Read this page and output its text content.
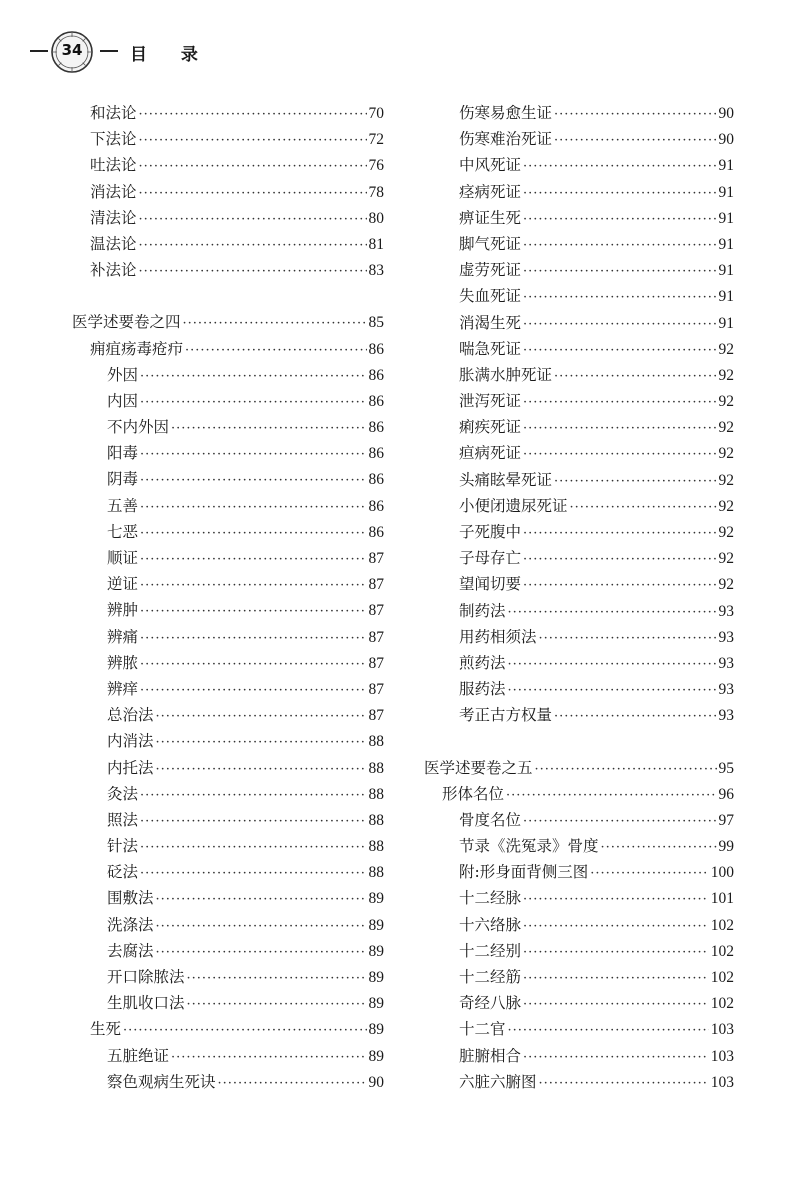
34	目 录
和法论 ·····	70
下法论 ·····	72
吐法论 ·····	76
消法论 ·····	78
清法论 ·····	80
温法论 ·····	81
补法论 ·····	83
医学述要卷之四 ·····	85
痈疽疡毒疮疖 ·····	86
外因 ·····	86
内因 ·····	86
不内外因 ·····	86
阳毒 ·····	86
阴毒 ·····	86
五善 ·····	86
七恶 ·····	86
顺证 ·····	87
逆证 ·····	87
辨肿 ·····	87
辨痛 ·····	87
辨脓 ·····	87
辨痒 ·····	87
总治法 ·····	87
内消法 ·····	88
内托法 ·····	88
灸法 ·····	88
照法 ·····	88
针法 ·····	88
砭法 ·····	88
围敷法 ·····	89
洗涤法 ·····	89
去腐法 ·····	89
开口除脓法 ·····	89
生肌收口法 ·····	89
生死 ·····	89
五脏绝证 ·····	89
察色观病生死诀 ·····	90
伤寒易愈生证 ·····	90
伤寒难治死证 ·····	90
中风死证 ·····	91
痉病死证 ·····	91
痹证生死 ·····	91
脚气死证 ·····	91
虚劳死证 ·····	91
失血死证 ·····	91
消渴生死 ·····	91
喘急死证 ·····	92
胀满水肿死证 ·····	92
泄泻死证 ·····	92
痢疾死证 ·····	92
疸病死证 ·····	92
头痛眩晕死证 ·····	92
小便闭遗尿死证 ·····	92
子死腹中 ·····	92
子母存亡 ·····	92
望闻切要 ·····	92
制药法 ·····	93
用药相须法 ·····	93
煎药法 ·····	93
服药法 ·····	93
考正古方权量 ·····	93
医学述要卷之五 ·····	95
形体名位 ·····	96
骨度名位 ·····	97
节录《洗冤录》骨度 ·····	99
附:形身面背侧三图 ·····	100
十二经脉 ·····	101
十六络脉 ·····	102
十二经别 ·····	102
十二经筋 ·····	102
奇经八脉 ·····	102
十二官 ·····	103
脏腑相合 ·····	103
六脏六腑图 ·····	103
